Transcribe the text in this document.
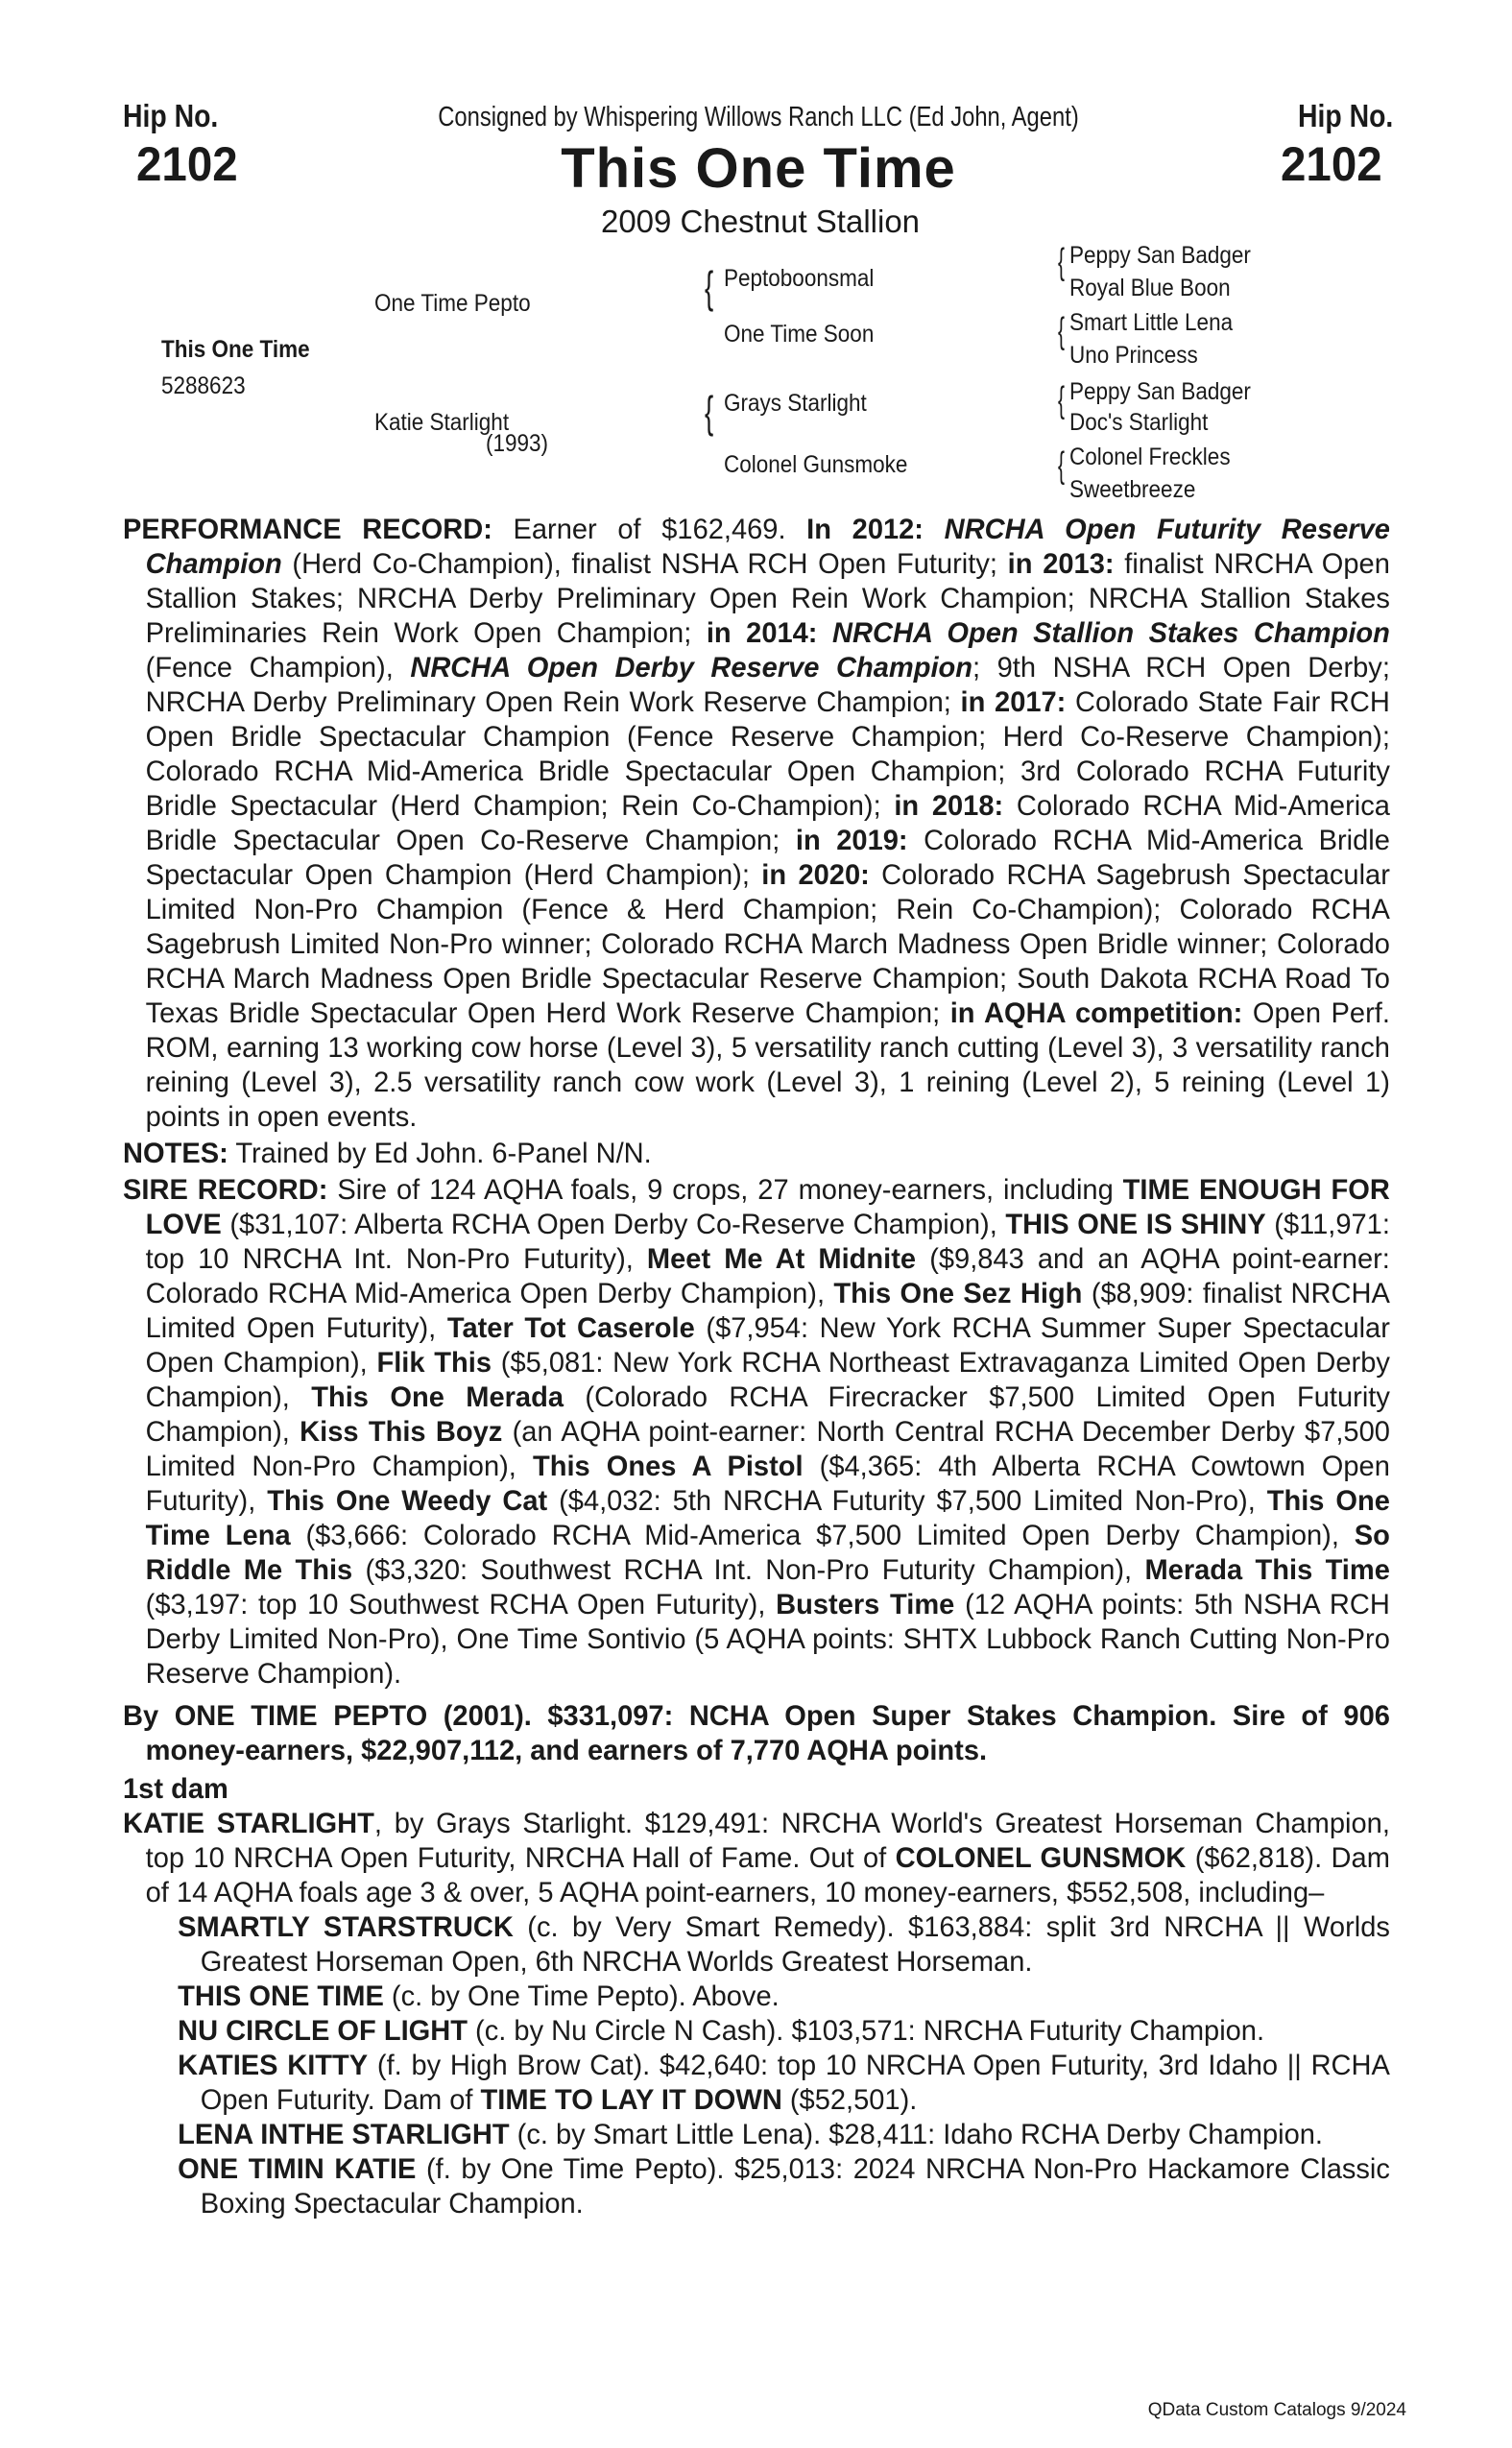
Hip No.
2102
Hip No.
2102
Consigned by Whispering Willows Ranch LLC (Ed John, Agent)
This One Time
2009 Chestnut Stallion
This One Time
5288623
One Time Pepto
Katie Starlight
(1993)
{ Peptoboonsmal
One Time Soon
{ Grays Starlight
Colonel Gunsmoke
{ Peppy San Badger
Royal Blue Boon
{ Smart Little Lena
Uno Princess
{ Peppy San Badger
Doc's Starlight
{ Colonel Freckles
Sweetbreeze

PERFORMANCE RECORD: Earner of $162,469. In 2012: NRCHA Open Futurity Reserve Champion (Herd Co-Champion), finalist NSHA RCH Open Futurity; in 2013: finalist NRCHA Open Stallion Stakes; NRCHA Derby Preliminary Open Rein Work Champion; NRCHA Stallion Stakes Preliminaries Rein Work Open Champion; in 2014: NRCHA Open Stallion Stakes Champion (Fence Champion), NRCHA Open Derby Reserve Champion; 9th NSHA RCH Open Derby; NRCHA Derby Preliminary Open Rein Work Reserve Champion; in 2017: Colorado State Fair RCH Open Bridle Spectacular Champion (Fence Reserve Champion; Herd Co-Reserve Champion); Colorado RCHA Mid-America Bridle Spectacular Open Champion; 3rd Colorado RCHA Futurity Bridle Spectacular (Herd Champion; Rein Co-Champion); in 2018: Colorado RCHA Mid-America Bridle Spectacular Open Co-Reserve Champion; in 2019: Colorado RCHA Mid-America Bridle Spectacular Open Champion (Herd Champion); in 2020: Colorado RCHA Sagebrush Spectacular Limited Non-Pro Champion (Fence & Herd Champion; Rein Co-Champion); Colorado RCHA Sagebrush Limited Non-Pro winner; Colorado RCHA March Madness Open Bridle winner; Colorado RCHA March Madness Open Bridle Spectacular Reserve Champion; South Dakota RCHA Road To Texas Bridle Spectacular Open Herd Work Reserve Champion; in AQHA competition: Open Perf. ROM, earning 13 working cow horse (Level 3), 5 versatility ranch cutting (Level 3), 3 versatility ranch reining (Level 3), 2.5 versatility ranch cow work (Level 3), 1 reining (Level 2), 5 reining (Level 1) points in open events.

NOTES: Trained by Ed John. 6-Panel N/N.

SIRE RECORD: Sire of 124 AQHA foals, 9 crops, 27 money-earners, including TIME ENOUGH FOR LOVE ($31,107: Alberta RCHA Open Derby Co-Reserve Champion), THIS ONE IS SHINY ($11,971: top 10 NRCHA Int. Non-Pro Futurity), Meet Me At Midnite ($9,843 and an AQHA point-earner: Colorado RCHA Mid-America Open Derby Champion), This One Sez High ($8,909: finalist NRCHA Limited Open Futurity), Tater Tot Caserole ($7,954: New York RCHA Summer Super Spectacular Open Champion), Flik This ($5,081: New York RCHA Northeast Extravaganza Limited Open Derby Champion), This One Merada (Colorado RCHA Firecracker $7,500 Limited Open Futurity Champion), Kiss This Boyz (an AQHA point-earner: North Central RCHA December Derby $7,500 Limited Non-Pro Champion), This Ones A Pistol ($4,365: 4th Alberta RCHA Cowtown Open Futurity), This One Weedy Cat ($4,032: 5th NRCHA Futurity $7,500 Limited Non-Pro), This One Time Lena ($3,666: Colorado RCHA Mid-America $7,500 Limited Open Derby Champion), So Riddle Me This ($3,320: Southwest RCHA Int. Non-Pro Futurity Champion), Merada This Time ($3,197: top 10 Southwest RCHA Open Futurity), Busters Time (12 AQHA points: 5th NSHA RCH Derby Limited Non-Pro), One Time Sontivio (5 AQHA points: SHTX Lubbock Ranch Cutting Non-Pro Reserve Champion).

By ONE TIME PEPTO (2001). $331,097: NCHA Open Super Stakes Champion. Sire of 906 money-earners, $22,907,112, and earners of 7,770 AQHA points.

1st dam

KATIE STARLIGHT, by Grays Starlight. $129,491: NRCHA World's Greatest Horseman Champion, top 10 NRCHA Open Futurity, NRCHA Hall of Fame. Out of COLONEL GUNSMOK ($62,818). Dam of 14 AQHA foals age 3 & over, 5 AQHA point-earners, 10 money-earners, $552,508, including–

SMARTLY STARSTRUCK (c. by Very Smart Remedy). $163,884: split 3rd NRCHA || Worlds Greatest Horseman Open, 6th NRCHA Worlds Greatest Horseman.

THIS ONE TIME (c. by One Time Pepto). Above.

NU CIRCLE OF LIGHT (c. by Nu Circle N Cash). $103,571: NRCHA Futurity Champion.

KATIES KITTY (f. by High Brow Cat). $42,640: top 10 NRCHA Open Futurity, 3rd Idaho || RCHA Open Futurity. Dam of TIME TO LAY IT DOWN ($52,501).

LENA INTHE STARLIGHT (c. by Smart Little Lena). $28,411: Idaho RCHA Derby Champion.

ONE TIMIN KATIE (f. by One Time Pepto). $25,013: 2024 NRCHA Non-Pro Hackamore Classic Boxing Spectacular Champion.

QData Custom Catalogs 9/2024
